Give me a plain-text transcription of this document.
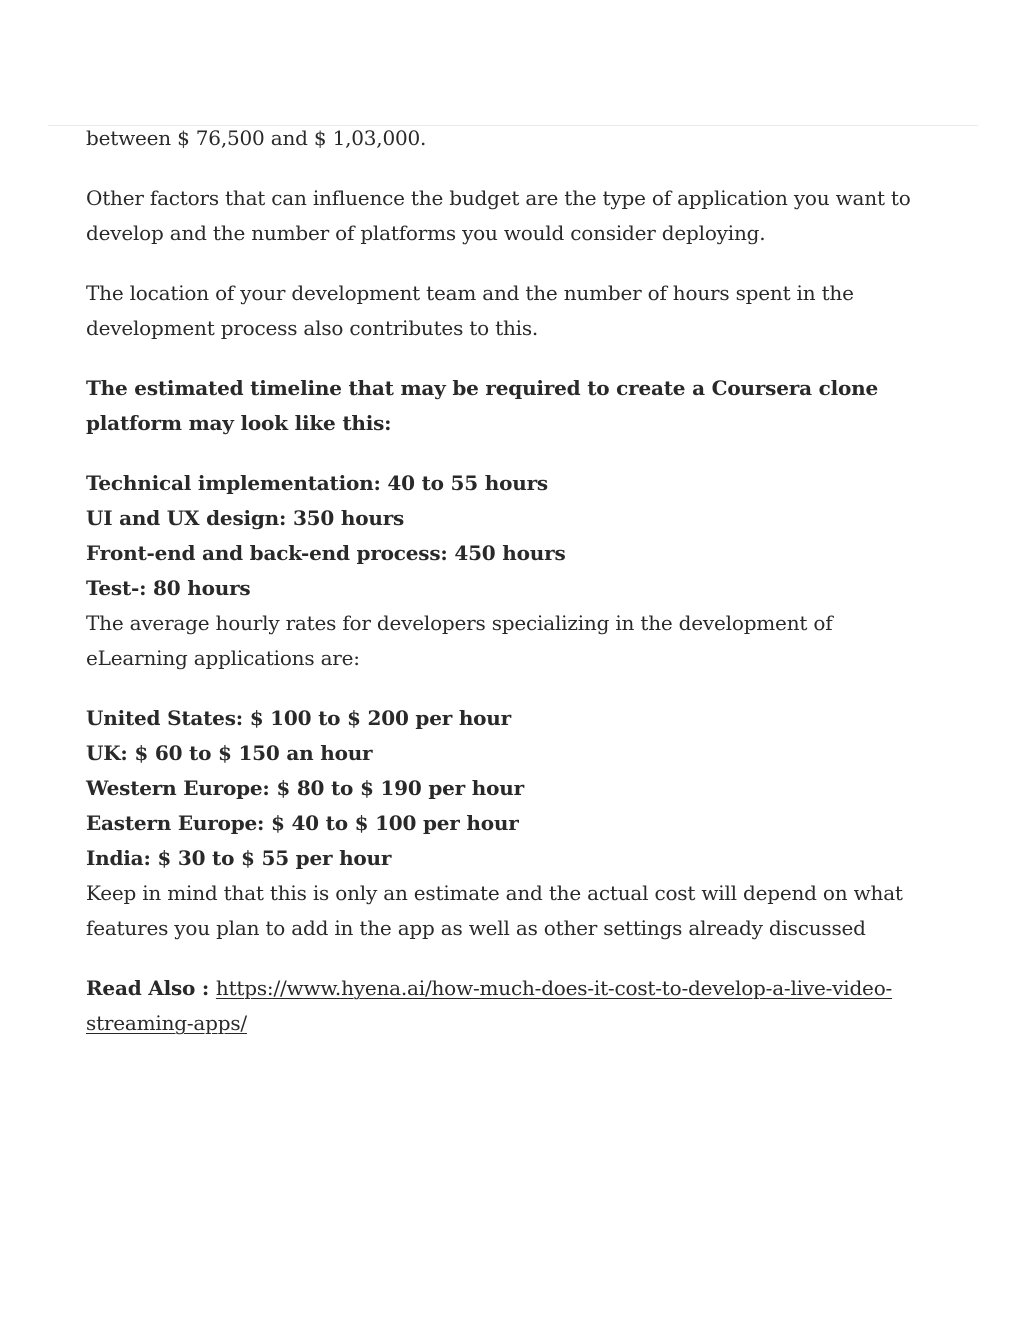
between $ 76,500 and $ 1,03,000.

Other factors that can influence the budget are the type of application you want to develop and the number of platforms you would consider deploying.

The location of your development team and the number of hours spent in the development process also contributes to this.

The estimated timeline that may be required to create a Coursera clone platform may look like this:

Technical implementation: 40 to 55 hours
UI and UX design: 350 hours
Front-end and back-end process: 450 hours
Test-: 80 hours

The average hourly rates for developers specializing in the development of eLearning applications are:

United States: $ 100 to $ 200 per hour
UK: $ 60 to $ 150 an hour
Western Europe: $ 80 to $ 190 per hour
Eastern Europe: $ 40 to $ 100 per hour
India: $ 30 to $ 55 per hour

Keep in mind that this is only an estimate and the actual cost will depend on what features you plan to add in the app as well as other settings already discussed

Read Also : https://www.hyena.ai/how-much-does-it-cost-to-develop-a-live-video-streaming-apps/
